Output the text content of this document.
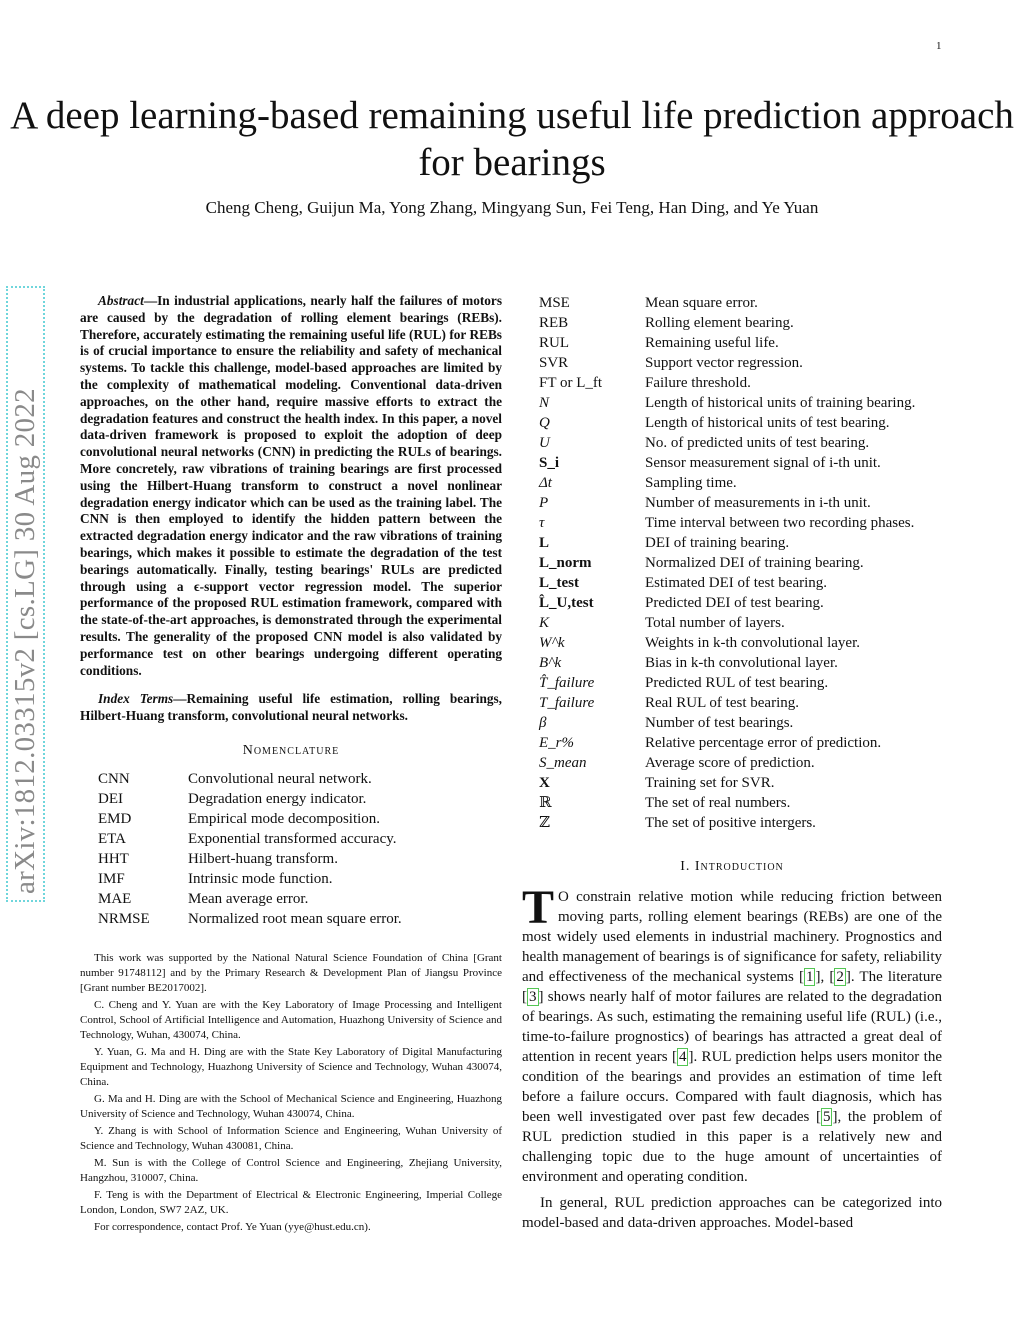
1
A deep learning-based remaining useful life prediction approach for bearings
Cheng Cheng, Guijun Ma, Yong Zhang, Mingyang Sun, Fei Teng, Han Ding, and Ye Yuan
arXiv:1812.03315v2 [cs.LG] 30 Aug 2022

Abstract—In industrial applications, nearly half the failures of motors are caused by the degradation of rolling element bearings (REBs). Therefore, accurately estimating the remaining useful life (RUL) for REBs is of crucial importance to ensure the reliability and safety of mechanical systems. To tackle this challenge, model-based approaches are limited by the complexity of mathematical modeling. Conventional data-driven approaches, on the other hand, require massive efforts to extract the degradation features and construct the health index. In this paper, a novel data-driven framework is proposed to exploit the adoption of deep convolutional neural networks (CNN) in predicting the RULs of bearings. More concretely, raw vibrations of training bearings are first processed using the Hilbert-Huang transform to construct a novel nonlinear degradation energy indicator which can be used as the training label. The CNN is then employed to identify the hidden pattern between the extracted degradation energy indicator and the raw vibrations of training bearings, which makes it possible to estimate the degradation of the test bearings automatically. Finally, testing bearings' RULs are predicted through using a ϵ-support vector regression model. The superior performance of the proposed RUL estimation framework, compared with the state-of-the-art approaches, is demonstrated through the experimental results. The generality of the proposed CNN model is also validated by performance test on other bearings undergoing different operating conditions.

Index Terms—Remaining useful life estimation, rolling bearings, Hilbert-Huang transform, convolutional neural networks.

Nomenclature
CNN	Convolutional neural network.
DEI	Degradation energy indicator.
EMD	Empirical mode decomposition.
ETA	Exponential transformed accuracy.
HHT	Hilbert-huang transform.
IMF	Intrinsic mode function.
MAE	Mean average error.
NRMSE	Normalized root mean square error.

This work was supported by the National Natural Science Foundation of China [Grant number 91748112] and by the Primary Research & Development Plan of Jiangsu Province [Grant number BE2017002].

C. Cheng and Y. Yuan are with the Key Laboratory of Image Processing and Intelligent Control, School of Artificial Intelligence and Automation, Huazhong University of Science and Technology, Wuhan, 430074, China.

Y. Yuan, G. Ma and H. Ding are with the State Key Laboratory of Digital Manufacturing Equipment and Technology, Huazhong University of Science and Technology, Wuhan 430074, China.

G. Ma and H. Ding are with the School of Mechanical Science and Engineering, Huazhong University of Science and Technology, Wuhan 430074, China.

Y. Zhang is with School of Information Science and Engineering, Wuhan University of Science and Technology, Wuhan 430081, China.

M. Sun is with the College of Control Science and Engineering, Zhejiang University, Hangzhou, 310007, China.

F. Teng is with the Department of Electrical & Electronic Engineering, Imperial College London, London, SW7 2AZ, UK.

For correspondence, contact Prof. Ye Yuan (yye@hust.edu.cn).

MSE	Mean square error.
REB	Rolling element bearing.
RUL	Remaining useful life.
SVR	Support vector regression.
FT or L_ft	Failure threshold.
N	Length of historical units of training bearing.
Q	Length of historical units of test bearing.
U	No. of predicted units of test bearing.
S_i	Sensor measurement signal of i-th unit.
Δt	Sampling time.
P	Number of measurements in i-th unit.
τ	Time interval between two recording phases.
L	DEI of training bearing.
L_norm	Normalized DEI of training bearing.
L_test	Estimated DEI of test bearing.
L̂_U,test	Predicted DEI of test bearing.
K	Total number of layers.
W^k	Weights in k-th convolutional layer.
B^k	Bias in k-th convolutional layer.
T̂_failure	Predicted RUL of test bearing.
T_failure	Real RUL of test bearing.
β	Number of test bearings.
E_r%	Relative percentage error of prediction.
S_mean	Average score of prediction.
X	Training set for SVR.
ℝ	The set of real numbers.
ℤ	The set of positive intergers.
I. Introduction

T O constrain relative motion while reducing friction between moving parts, rolling element bearings (REBs) are one of the most widely used elements in industrial machinery. Prognostics and health management of bearings is of significance for safety, reliability and effectiveness of the mechanical systems [ 1 ], [ 2 ]. The literature [ 3 ] shows nearly half of motor failures are related to the degradation of bearings. As such, estimating the remaining useful life (RUL) (i.e., time-to-failure prognostics) of bearings has attracted a great deal of attention in recent years [ 4 ]. RUL prediction helps users monitor the condition of the bearings and provides an estimation of time left before a failure occurs. Compared with fault diagnosis, which has been well investigated over past few decades [ 5 ], the problem of RUL prediction studied in this paper is a relatively new and challenging topic due to the huge amount of uncertainties of environment and operating condition.

In general, RUL prediction approaches can be categorized into model-based and data-driven approaches. Model-based
